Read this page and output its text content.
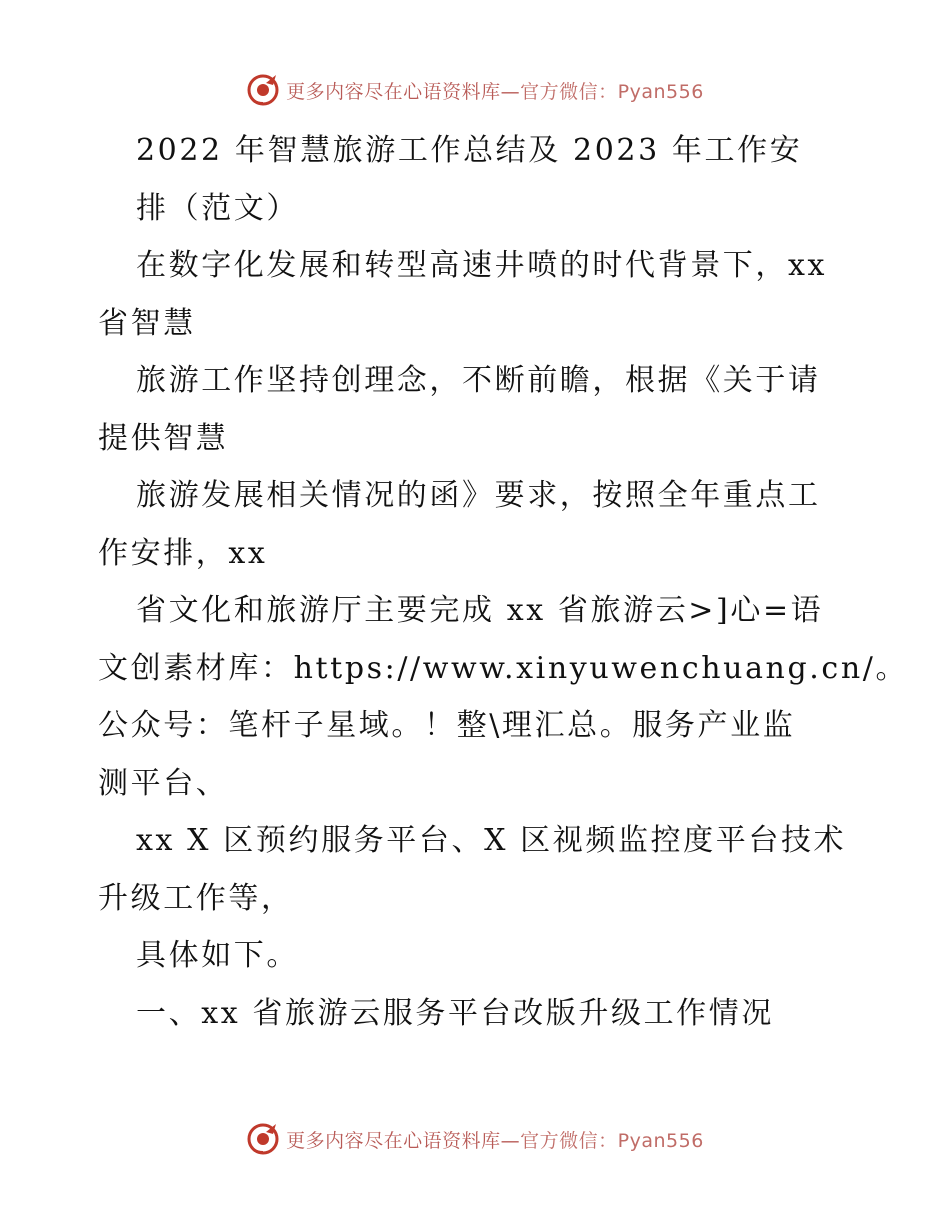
更多内容尽在心语资料库—官方微信：Pyan556
2022 年智慧旅游工作总结及 2023 年工作安
排（范文）
在数字化发展和转型高速井喷的时代背景下，xx
省智慧
旅游工作坚持创理念，不断前瞻，根据《关于请
提供智慧
旅游发展相关情况的函》要求，按照全年重点工
作安排，xx
省文化和旅游厅主要完成 xx 省旅游云>]心=语
文创素材库：https://www.xinyuwenchuang.cn/。
公众号：笔杆子星域。！整\理汇总。服务产业监
测平台、
xx X 区预约服务平台、X 区视频监控度平台技术
升级工作等，
具体如下。
一、xx 省旅游云服务平台改版升级工作情况
更多内容尽在心语资料库—官方微信：Pyan556
